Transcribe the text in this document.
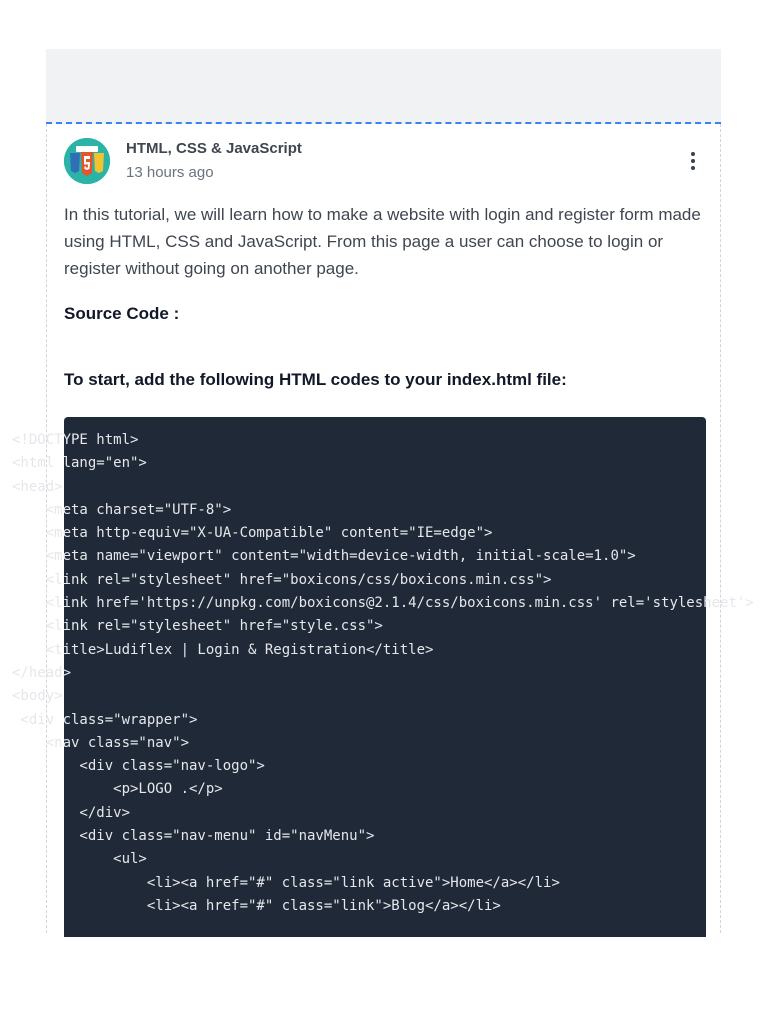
HTML, CSS & JavaScript
13 hours ago
In this tutorial, we will learn how to make a website with login and register form made using HTML, CSS and JavaScript. From this page a user can choose to login or register without going on another page.
Source Code :
To start, add the following HTML codes to your index.html file:
<!DOCTYPE html>
<html lang="en">
<head>
<meta charset="UTF-8">
<meta http-equiv="X-UA-Compatible" content="IE=edge">
<meta name="viewport" content="width=device-width, initial-scale=1.0">
<link rel="stylesheet" href="boxicons/css/boxicons.min.css">
<link href='https://unpkg.com/boxicons@2.1.4/css/boxicons.min.css' rel='stylesheet'>
<link rel="stylesheet" href="style.css">
<title>Ludiflex | Login & Registration</title>
</head>
<body>
<div class="wrapper">
<nav class="nav">
<div class="nav-logo">
<p>LOGO .</p>
</div>
<div class="nav-menu" id="navMenu">
<ul>
<li><a href="#" class="link active">Home</a></li>
<li><a href="#" class="link">Blog</a></li>
